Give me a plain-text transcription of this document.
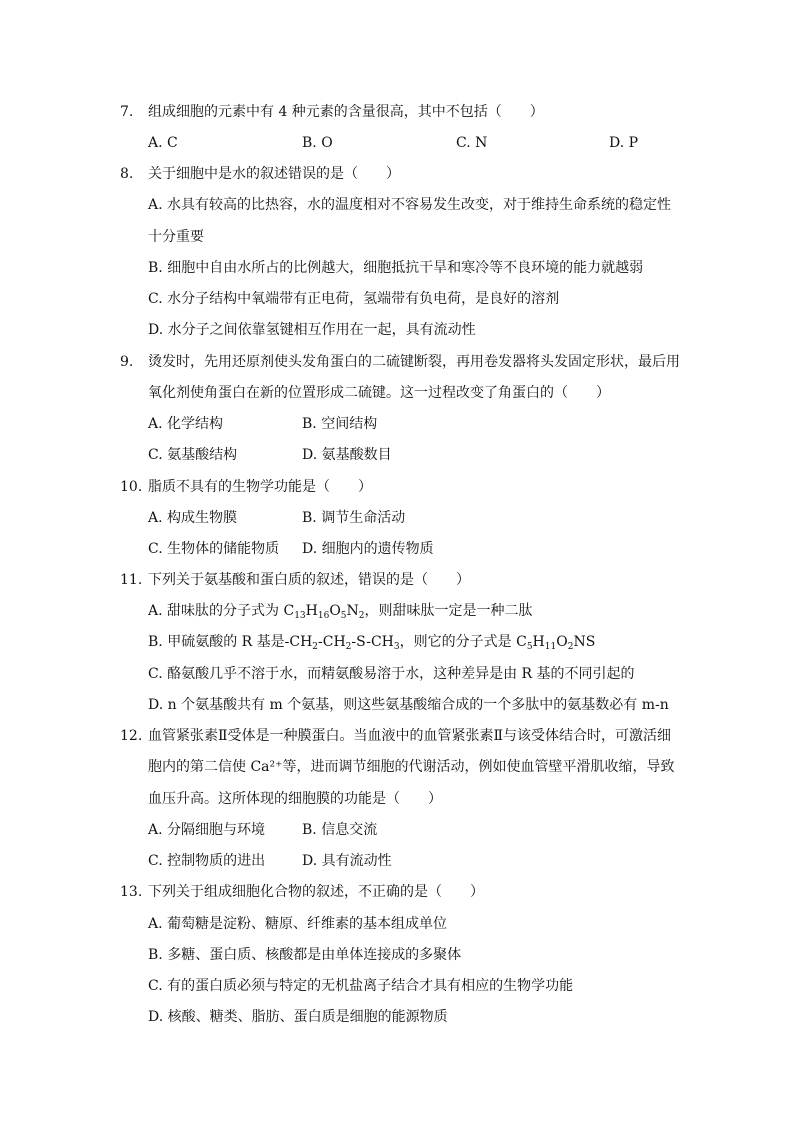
7. 组成细胞的元素中有 4 种元素的含量很高，其中不包括（　　）
A. C	B. O	C. N	D. P
8. 关于细胞中是水的叙述错误的是（　　）
A. 水具有较高的比热容，水的温度相对不容易发生改变，对于维持生命系统的稳定性
十分重要
B. 细胞中自由水所占的比例越大，细胞抵抗干旱和寒冷等不良环境的能力就越弱
C. 水分子结构中氧端带有正电荷，氢端带有负电荷，是良好的溶剂
D. 水分子之间依靠氢键相互作用在一起，具有流动性
9. 烫发时，先用还原剂使头发角蛋白的二硫键断裂，再用卷发器将头发固定形状，最后用
氧化剂使角蛋白在新的位置形成二硫键。这一过程改变了角蛋白的（　　）
A. 化学结构	B. 空间结构
C. 氨基酸结构	D. 氨基酸数目
10. 脂质不具有的生物学功能是（　　）
A. 构成生物膜	B. 调节生命活动
C. 生物体的储能物质 D. 细胞内的遗传物质
11. 下列关于氨基酸和蛋白质的叙述，错误的是（　　）
A. 甜味肽的分子式为 $C_{13}H_{16}O_5N_2$，则甜味肽一定是一种二肽
B. 甲硫氨酸的 R 基是$-CH_2-CH_2-S-CH_3$，则它的分子式是 $C_5H_{11}O_2NS$
C. 酪氨酸几乎不溶于水，而精氨酸易溶于水，这种差异是由 R 基的不同引起的
D. n 个氨基酸共有 m 个氨基，则这些氨基酸缩合成的一个多肽中的氨基数必有 m-n
12. 血管紧张素Ⅱ受体是一种膜蛋白。当血液中的血管紧张素Ⅱ与该受体结合时，可激活细
胞内的第二信使 Ca²⁺等，进而调节细胞的代谢活动，例如使血管壁平滑肌收缩，导致
血压升高。这所体现的细胞膜的功能是（　　）
A. 分隔细胞与环境	B. 信息交流
C. 控制物质的进出	D. 具有流动性
13. 下列关于组成细胞化合物的叙述，不正确的是（　　）
A. 葡萄糖是淀粉、糖原、纤维素的基本组成单位
B. 多糖、蛋白质、核酸都是由单体连接成的多聚体
C. 有的蛋白质必须与特定的无机盐离子结合才具有相应的生物学功能
D. 核酸、糖类、脂肪、蛋白质是细胞的能源物质
